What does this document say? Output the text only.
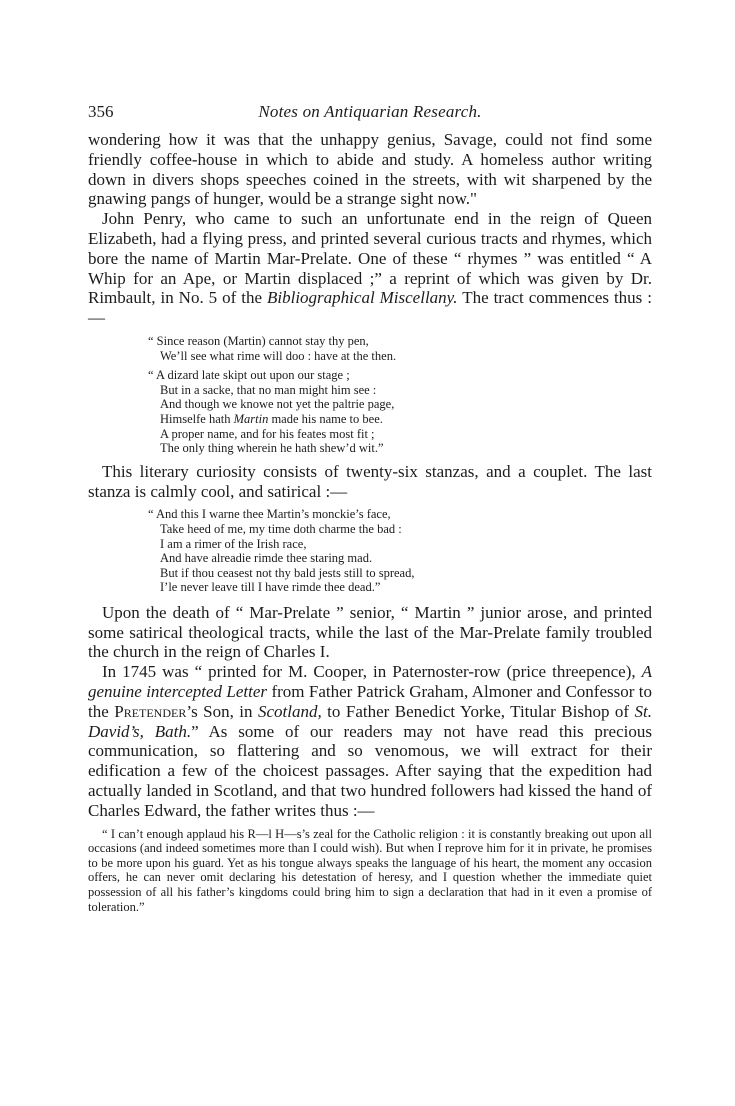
356	Notes on Antiquarian Research.

wondering how it was that the unhappy genius, Savage, could not find some friendly coffee-house in which to abide and study. A homeless author writing down in divers shops speeches coined in the streets, with wit sharpened by the gnawing pangs of hunger, would be a strange sight now."

John Penry, who came to such an unfortunate end in the reign of Queen Elizabeth, had a flying press, and printed several curious tracts and rhymes, which bore the name of Martin Mar-Prelate. One of these “ rhymes ” was entitled “ A Whip for an Ape, or Martin displaced ;” a reprint of which was given by Dr. Rimbault, in No. 5 of the Bibliographical Miscellany. The tract commences thus :—

“ Since reason (Martin) cannot stay thy pen,
We’ll see what rime will doo : have at the then.
“ A dizard late skipt out upon our stage ;
But in a sacke, that no man might him see :
And though we knowe not yet the paltrie page,
Himselfe hath Martin made his name to bee.
A proper name, and for his feates most fit ;
The only thing wherein he hath shew’d wit.”

This literary curiosity consists of twenty-six stanzas, and a couplet. The last stanza is calmly cool, and satirical :—

“ And this I warne thee Martin’s monckie’s face,
Take heed of me, my time doth charme the bad :
I am a rimer of the Irish race,
And have alreadie rimde thee staring mad.
But if thou ceasest not thy bald jests still to spread,
I’le never leave till I have rimde thee dead.”

Upon the death of “ Mar-Prelate ” senior, “ Martin ” junior arose, and printed some satirical theological tracts, while the last of the Mar-Prelate family troubled the church in the reign of Charles I.

In 1745 was “ printed for M. Cooper, in Paternoster-row (price threepence), A genuine intercepted Letter from Father Patrick Graham, Almoner and Confessor to the Pretender’s Son, in Scotland, to Father Benedict Yorke, Titular Bishop of St. David’s, Bath.” As some of our readers may not have read this precious communication, so flattering and so venomous, we will extract for their edification a few of the choicest passages. After saying that the expedition had actually landed in Scotland, and that two hundred followers had kissed the hand of Charles Edward, the father writes thus :—

“ I can’t enough applaud his R—l H—s’s zeal for the Catholic religion : it is constantly breaking out upon all occasions (and indeed sometimes more than I could wish). But when I reprove him for it in private, he promises to be more upon his guard. Yet as his tongue always speaks the language of his heart, the moment any occasion offers, he can never omit declaring his detestation of heresy, and I question whether the immediate quiet possession of all his father’s kingdoms could bring him to sign a declaration that had in it even a promise of toleration.”
